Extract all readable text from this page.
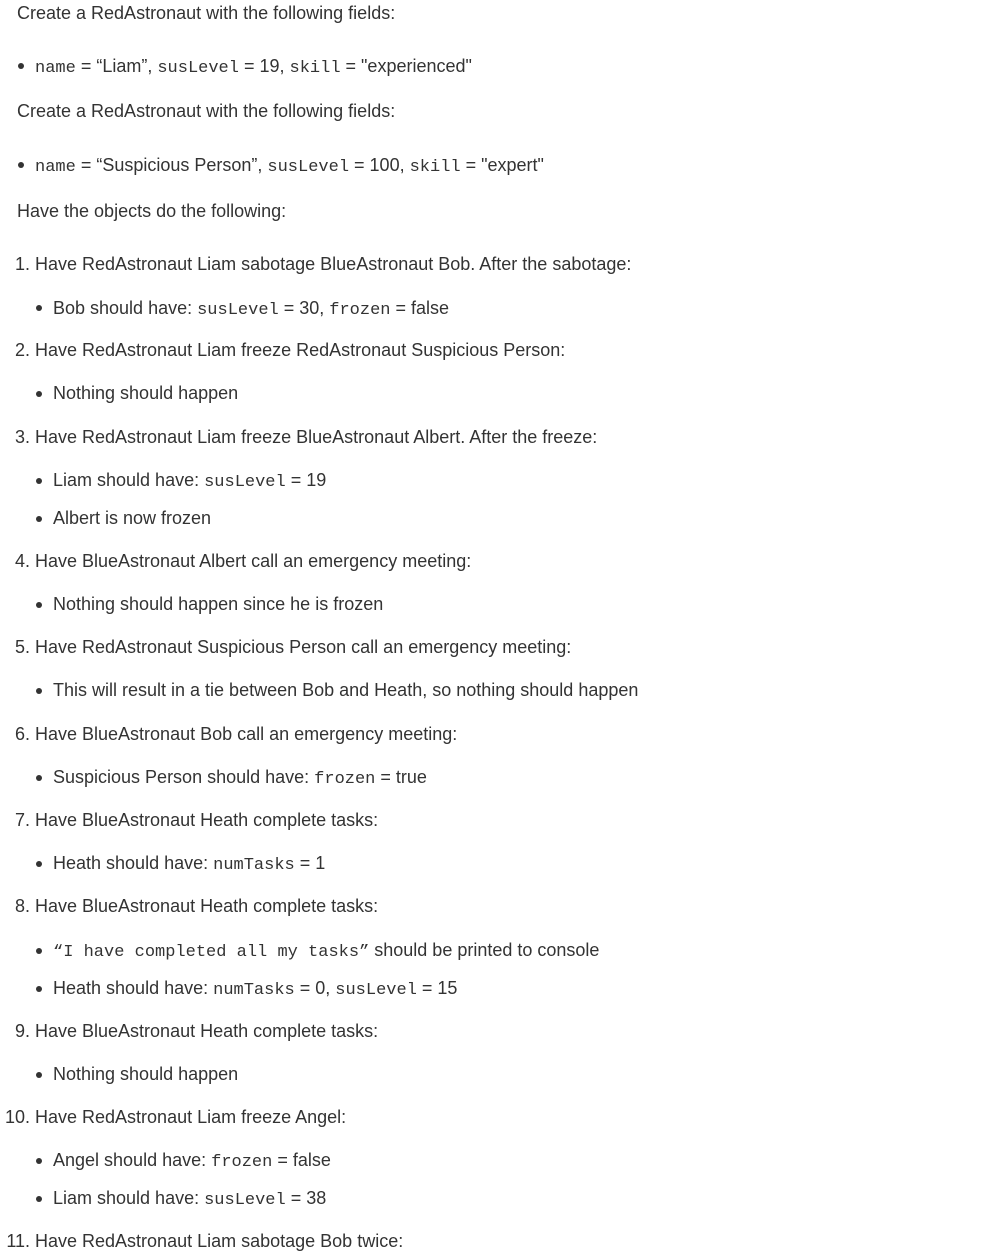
Create a RedAstronaut with the following fields:
name = “Liam”, susLevel = 19, skill = "experienced"
Create a RedAstronaut with the following fields:
name = “Suspicious Person”, susLevel = 100, skill = "expert"
Have the objects do the following:
1. Have RedAstronaut Liam sabotage BlueAstronaut Bob. After the sabotage:
Bob should have: susLevel = 30, frozen = false
2. Have RedAstronaut Liam freeze RedAstronaut Suspicious Person:
Nothing should happen
3. Have RedAstronaut Liam freeze BlueAstronaut Albert. After the freeze:
Liam should have: susLevel = 19
Albert is now frozen
4. Have BlueAstronaut Albert call an emergency meeting:
Nothing should happen since he is frozen
5. Have RedAstronaut Suspicious Person call an emergency meeting:
This will result in a tie between Bob and Heath, so nothing should happen
6. Have BlueAstronaut Bob call an emergency meeting:
Suspicious Person should have: frozen = true
7. Have BlueAstronaut Heath complete tasks:
Heath should have: numTasks = 1
8. Have BlueAstronaut Heath complete tasks:
“I have completed all my tasks” should be printed to console
Heath should have: numTasks = 0, susLevel = 15
9. Have BlueAstronaut Heath complete tasks:
Nothing should happen
10. Have RedAstronaut Liam freeze Angel:
Angel should have: frozen = false
Liam should have: susLevel = 38
11. Have RedAstronaut Liam sabotage Bob twice:
